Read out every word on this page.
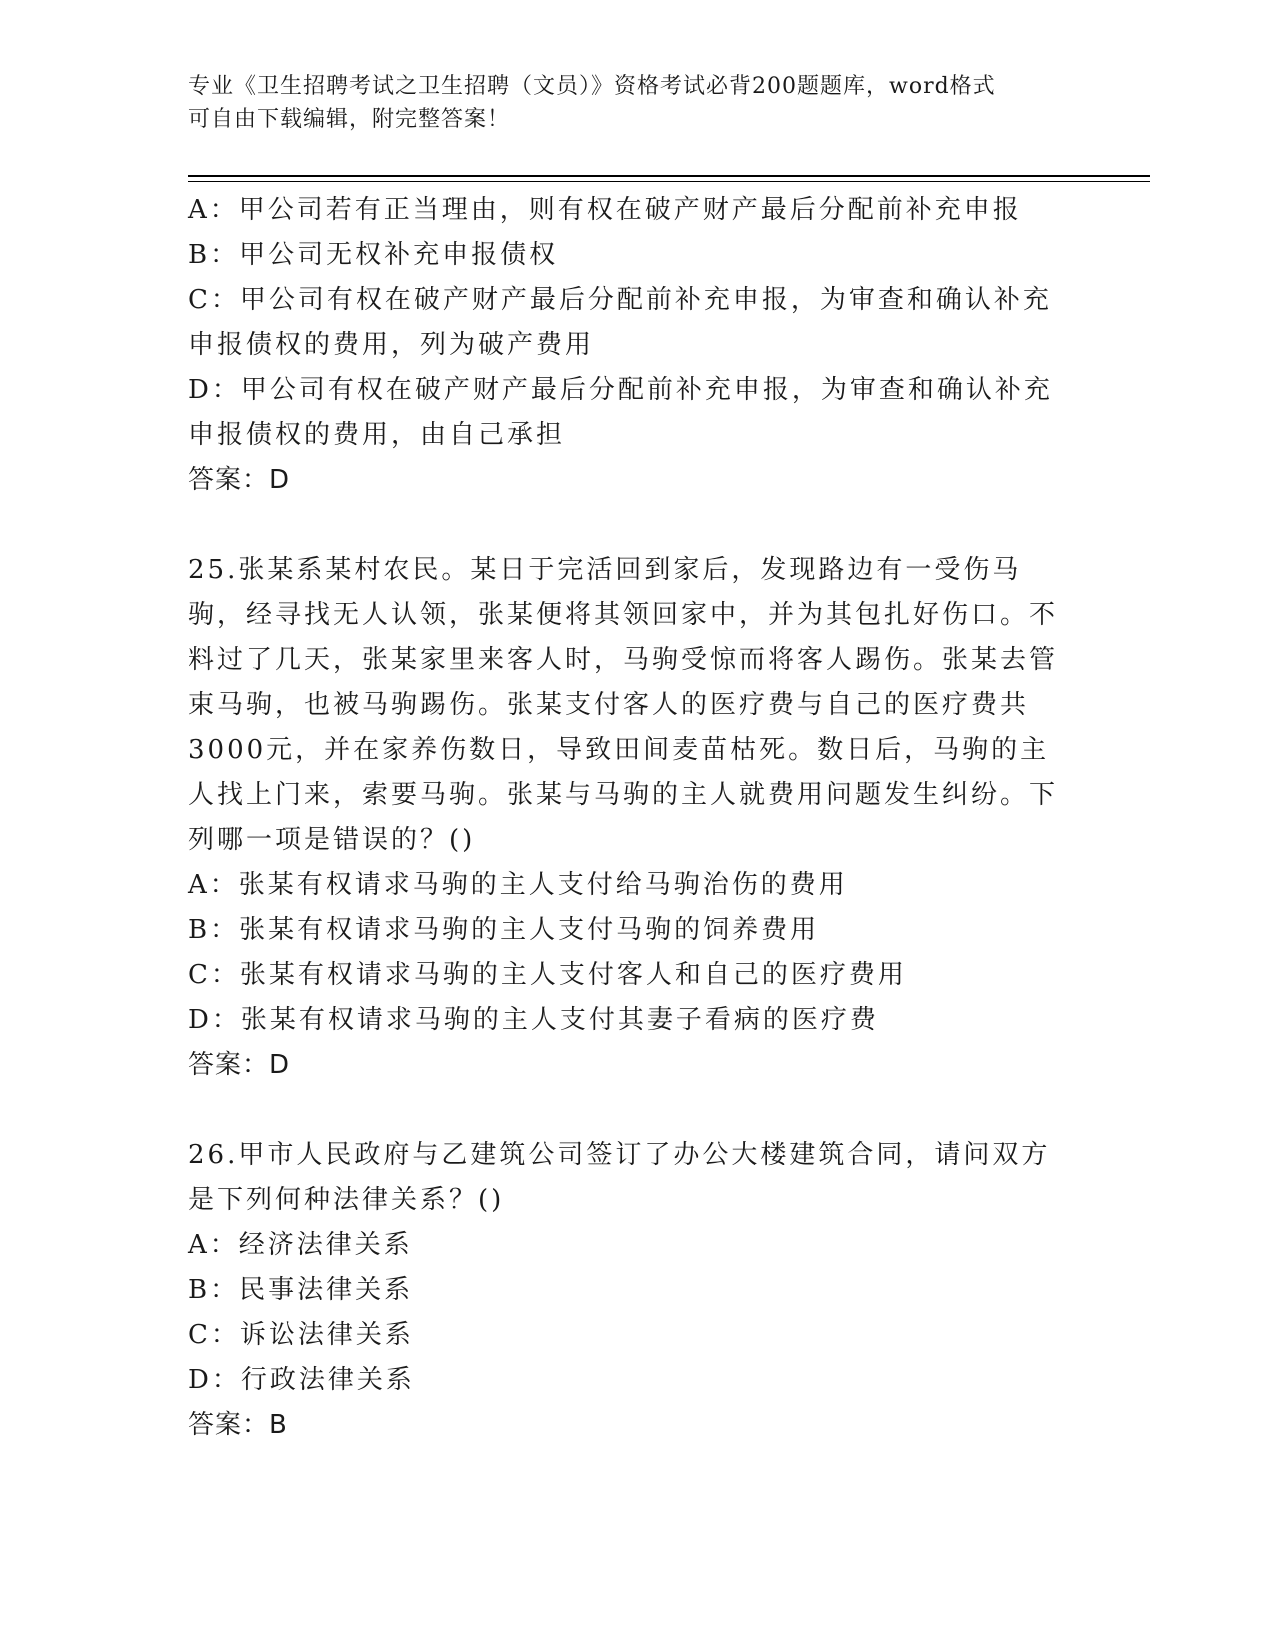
专业《卫生招聘考试之卫生招聘（文员）》资格考试必背200题题库，word格式
可自由下载编辑，附完整答案！

A：甲公司若有正当理由，则有权在破产财产最后分配前补充申报

B：甲公司无权补充申报债权

C：甲公司有权在破产财产最后分配前补充申报，为审查和确认补充申报债权的费用，列为破产费用

D：甲公司有权在破产财产最后分配前补充申报，为审查和确认补充申报债权的费用，由自己承担

答案：D

25.张某系某村农民。某日于完活回到家后，发现路边有一受伤马驹，经寻找无人认领，张某便将其领回家中，并为其包扎好伤口。不料过了几天，张某家里来客人时，马驹受惊而将客人踢伤。张某去管束马驹，也被马驹踢伤。张某支付客人的医疗费与自己的医疗费共3000元，并在家养伤数日，导致田间麦苗枯死。数日后，马驹的主人找上门来，索要马驹。张某与马驹的主人就费用问题发生纠纷。下列哪一项是错误的？()

A：张某有权请求马驹的主人支付给马驹治伤的费用

B：张某有权请求马驹的主人支付马驹的饲养费用

C：张某有权请求马驹的主人支付客人和自己的医疗费用

D：张某有权请求马驹的主人支付其妻子看病的医疗费

答案：D

26.甲市人民政府与乙建筑公司签订了办公大楼建筑合同，请问双方是下列何种法律关系？()

A：经济法律关系

B：民事法律关系

C：诉讼法律关系

D：行政法律关系

答案：B
